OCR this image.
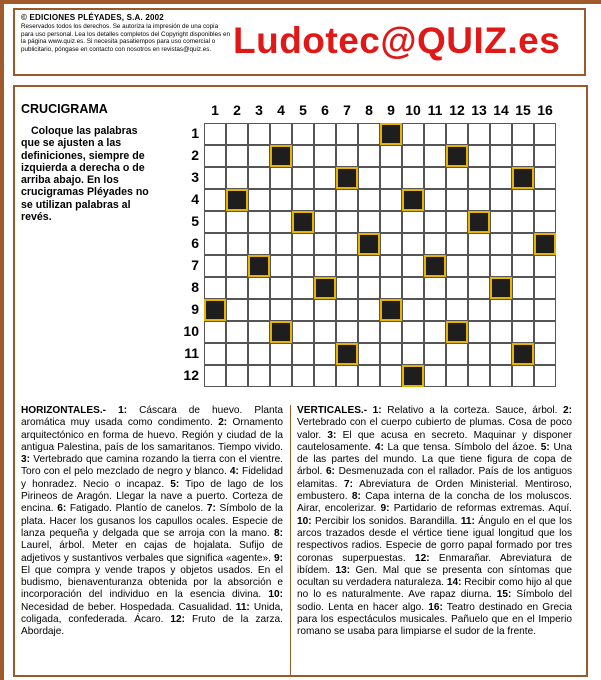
© EDICIONES PLÉYADES, S.A. 2002
Reservados todos los derechos. Se autoriza la impresión de una copia para uso personal. Lea los detalles completos del Copyright disponibles en la página www.quiz.es. Si necesita pasatiempos para uso comercial o publicitario, póngase en contacto con nosotros en revistas@quiz.es. Ludotec@QUIZ.es
CRUCIGRAMA
Coloque las palabras que se ajusten a las definiciones, siempre de izquierda a derecha o de arriba abajo. En los crucigramas Pléyades no se utilizan palabras al revés.
1	2	3	4	5	6	7	8	9 10 11 12 13 14 15 16
1
2
3
4
5
6
7
8
9
10
11
12
HORIZONTALES.- 1: Cáscara de huevo. Planta aromática muy usada como condimento. 2: Ornamento arquitectónico en forma de huevo. Región y ciudad de la antigua Palestina, país de los samaritanos. Tiempo vivido. 3: Vertebrado que camina rozando la tierra con el vientre. Toro con el pelo mezclado de negro y blanco. 4: Fidelidad y honradez. Necio o incapaz. 5: Tipo de lago de los Pirineos de Aragón. Llegar la nave a puerto. Corteza de encina. 6: Fatigado. Plantío de canelos. 7: Símbolo de la plata. Hacer los gusanos los capullos ocales. Especie de lanza pequeña y delgada que se arroja con la mano. 8: Laurel, árbol. Meter en cajas de hojalata. Sufijo de adjetivos y sustantivos verbales que significa «agente». 9: El que compra y vende trapos y objetos usados. En el budismo, bienaventuranza obtenida por la absorción e incorporación del individuo en la esencia divina. 10: Necesidad de beber. Hospedada. Casualidad. 11: Unida, coligada, confederada. Ácaro. 12: Fruto de la zarza. Abordaje.
VERTICALES.- 1: Relativo a la corteza. Sauce, árbol. 2: Vertebrado con el cuerpo cubierto de plumas. Cosa de poco valor. 3: El que acusa en secreto. Maquinar y disponer cautelosamente. 4: La que tensa. Símbolo del ázoe. 5: Una de las partes del mundo. La que tiene figura de copa de árbol. 6: Desmenuzada con el rallador. País de los antiguos elamitas. 7: Abreviatura de Orden Ministerial. Mentiroso, embustero. 8: Capa interna de la concha de los moluscos. Airar, encolerizar. 9: Partidario de reformas extremas. Aquí. 10: Percibir los sonidos. Barandilla. 11: Ángulo en el que los arcos trazados desde el vértice tiene igual longitud que los respectivos radios. Especie de gorro papal formado por tres coronas superpuestas. 12: Enmarañar. Abreviatura de ibídem. 13: Gen. Mal que se presenta con síntomas que ocultan su verdadera naturaleza. 14: Recibir como hijo al que no lo es naturalmente. Ave rapaz diurna. 15: Símbolo del sodio. Lenta en hacer algo. 16: Teatro destinado en Grecia para los espectáculos musicales. Pañuelo que en el Imperio romano se usaba para limpiarse el sudor de la frente.
